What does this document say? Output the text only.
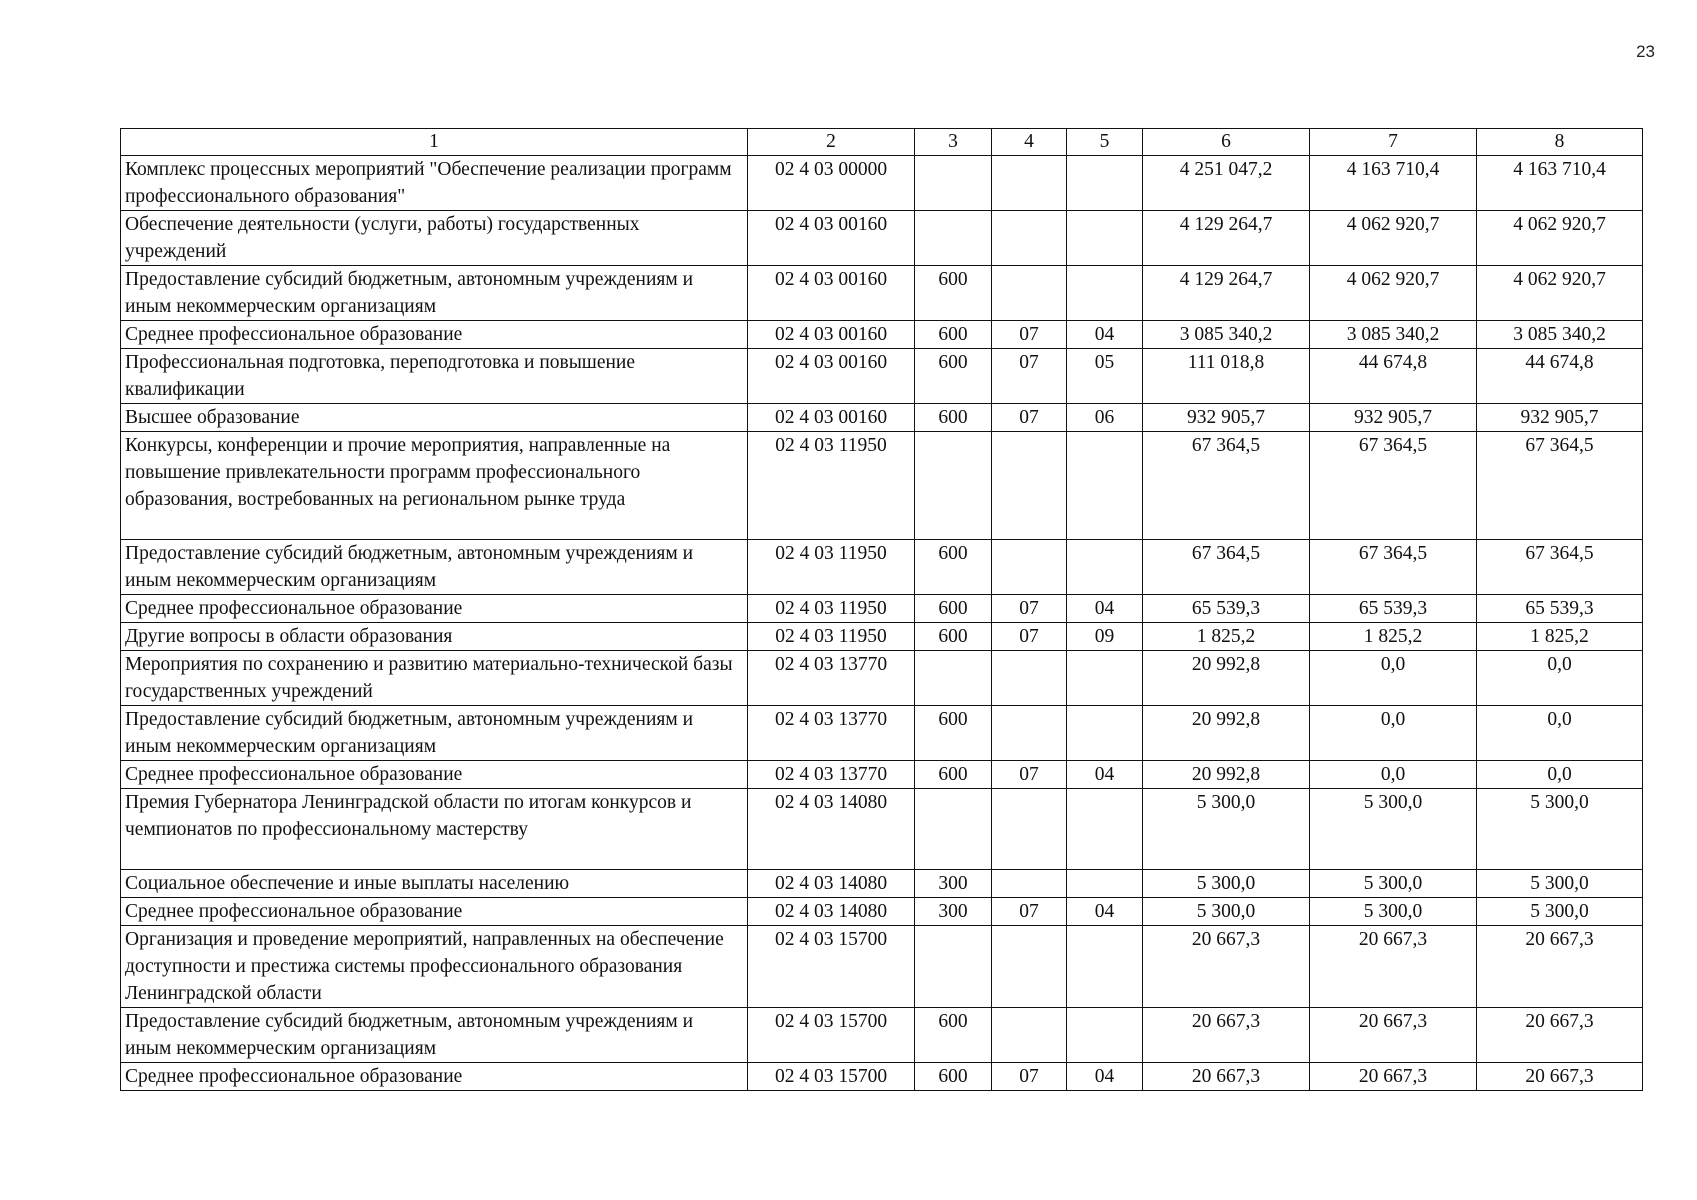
23
1	2	3	4	5	6	7	8
Комплекс процессных мероприятий "Обеспечение реализации программ профессионального образования"	02 4 03 00000				4 251 047,2	4 163 710,4	4 163 710,4
Обеспечение деятельности (услуги, работы) государственных учреждений	02 4 03 00160				4 129 264,7	4 062 920,7	4 062 920,7
Предоставление субсидий бюджетным, автономным учреждениям и иным некоммерческим организациям	02 4 03 00160	600			4 129 264,7	4 062 920,7	4 062 920,7
Среднее профессиональное образование	02 4 03 00160	600	07	04	3 085 340,2	3 085 340,2	3 085 340,2
Профессиональная подготовка, переподготовка и повышение квалификации	02 4 03 00160	600	07	05	111 018,8	44 674,8	44 674,8
Высшее образование	02 4 03 00160	600	07	06	932 905,7	932 905,7	932 905,7
Конкурсы, конференции и прочие мероприятия, направленные на повышение привлекательности программ профессионального образования, востребованных на региональном рынке труда	02 4 03 11950				67 364,5	67 364,5	67 364,5
Предоставление субсидий бюджетным, автономным учреждениям и иным некоммерческим организациям	02 4 03 11950	600			67 364,5	67 364,5	67 364,5
Среднее профессиональное образование	02 4 03 11950	600	07	04	65 539,3	65 539,3	65 539,3
Другие вопросы в области образования	02 4 03 11950	600	07	09	1 825,2	1 825,2	1 825,2
Мероприятия по сохранению и развитию материально-технической базы государственных учреждений	02 4 03 13770				20 992,8	0,0	0,0
Предоставление субсидий бюджетным, автономным учреждениям и иным некоммерческим организациям	02 4 03 13770	600			20 992,8	0,0	0,0
Среднее профессиональное образование	02 4 03 13770	600	07	04	20 992,8	0,0	0,0
Премия Губернатора Ленинградской области по итогам конкурсов и чемпионатов по профессиональному мастерству	02 4 03 14080				5 300,0	5 300,0	5 300,0
Социальное обеспечение и иные выплаты населению	02 4 03 14080	300			5 300,0	5 300,0	5 300,0
Среднее профессиональное образование	02 4 03 14080	300	07	04	5 300,0	5 300,0	5 300,0
Организация и проведение мероприятий, направленных на обеспечение доступности и престижа системы профессионального образования Ленинградской области	02 4 03 15700				20 667,3	20 667,3	20 667,3
Предоставление субсидий бюджетным, автономным учреждениям и иным некоммерческим организациям	02 4 03 15700	600			20 667,3	20 667,3	20 667,3
Среднее профессиональное образование	02 4 03 15700	600	07	04	20 667,3	20 667,3	20 667,3
